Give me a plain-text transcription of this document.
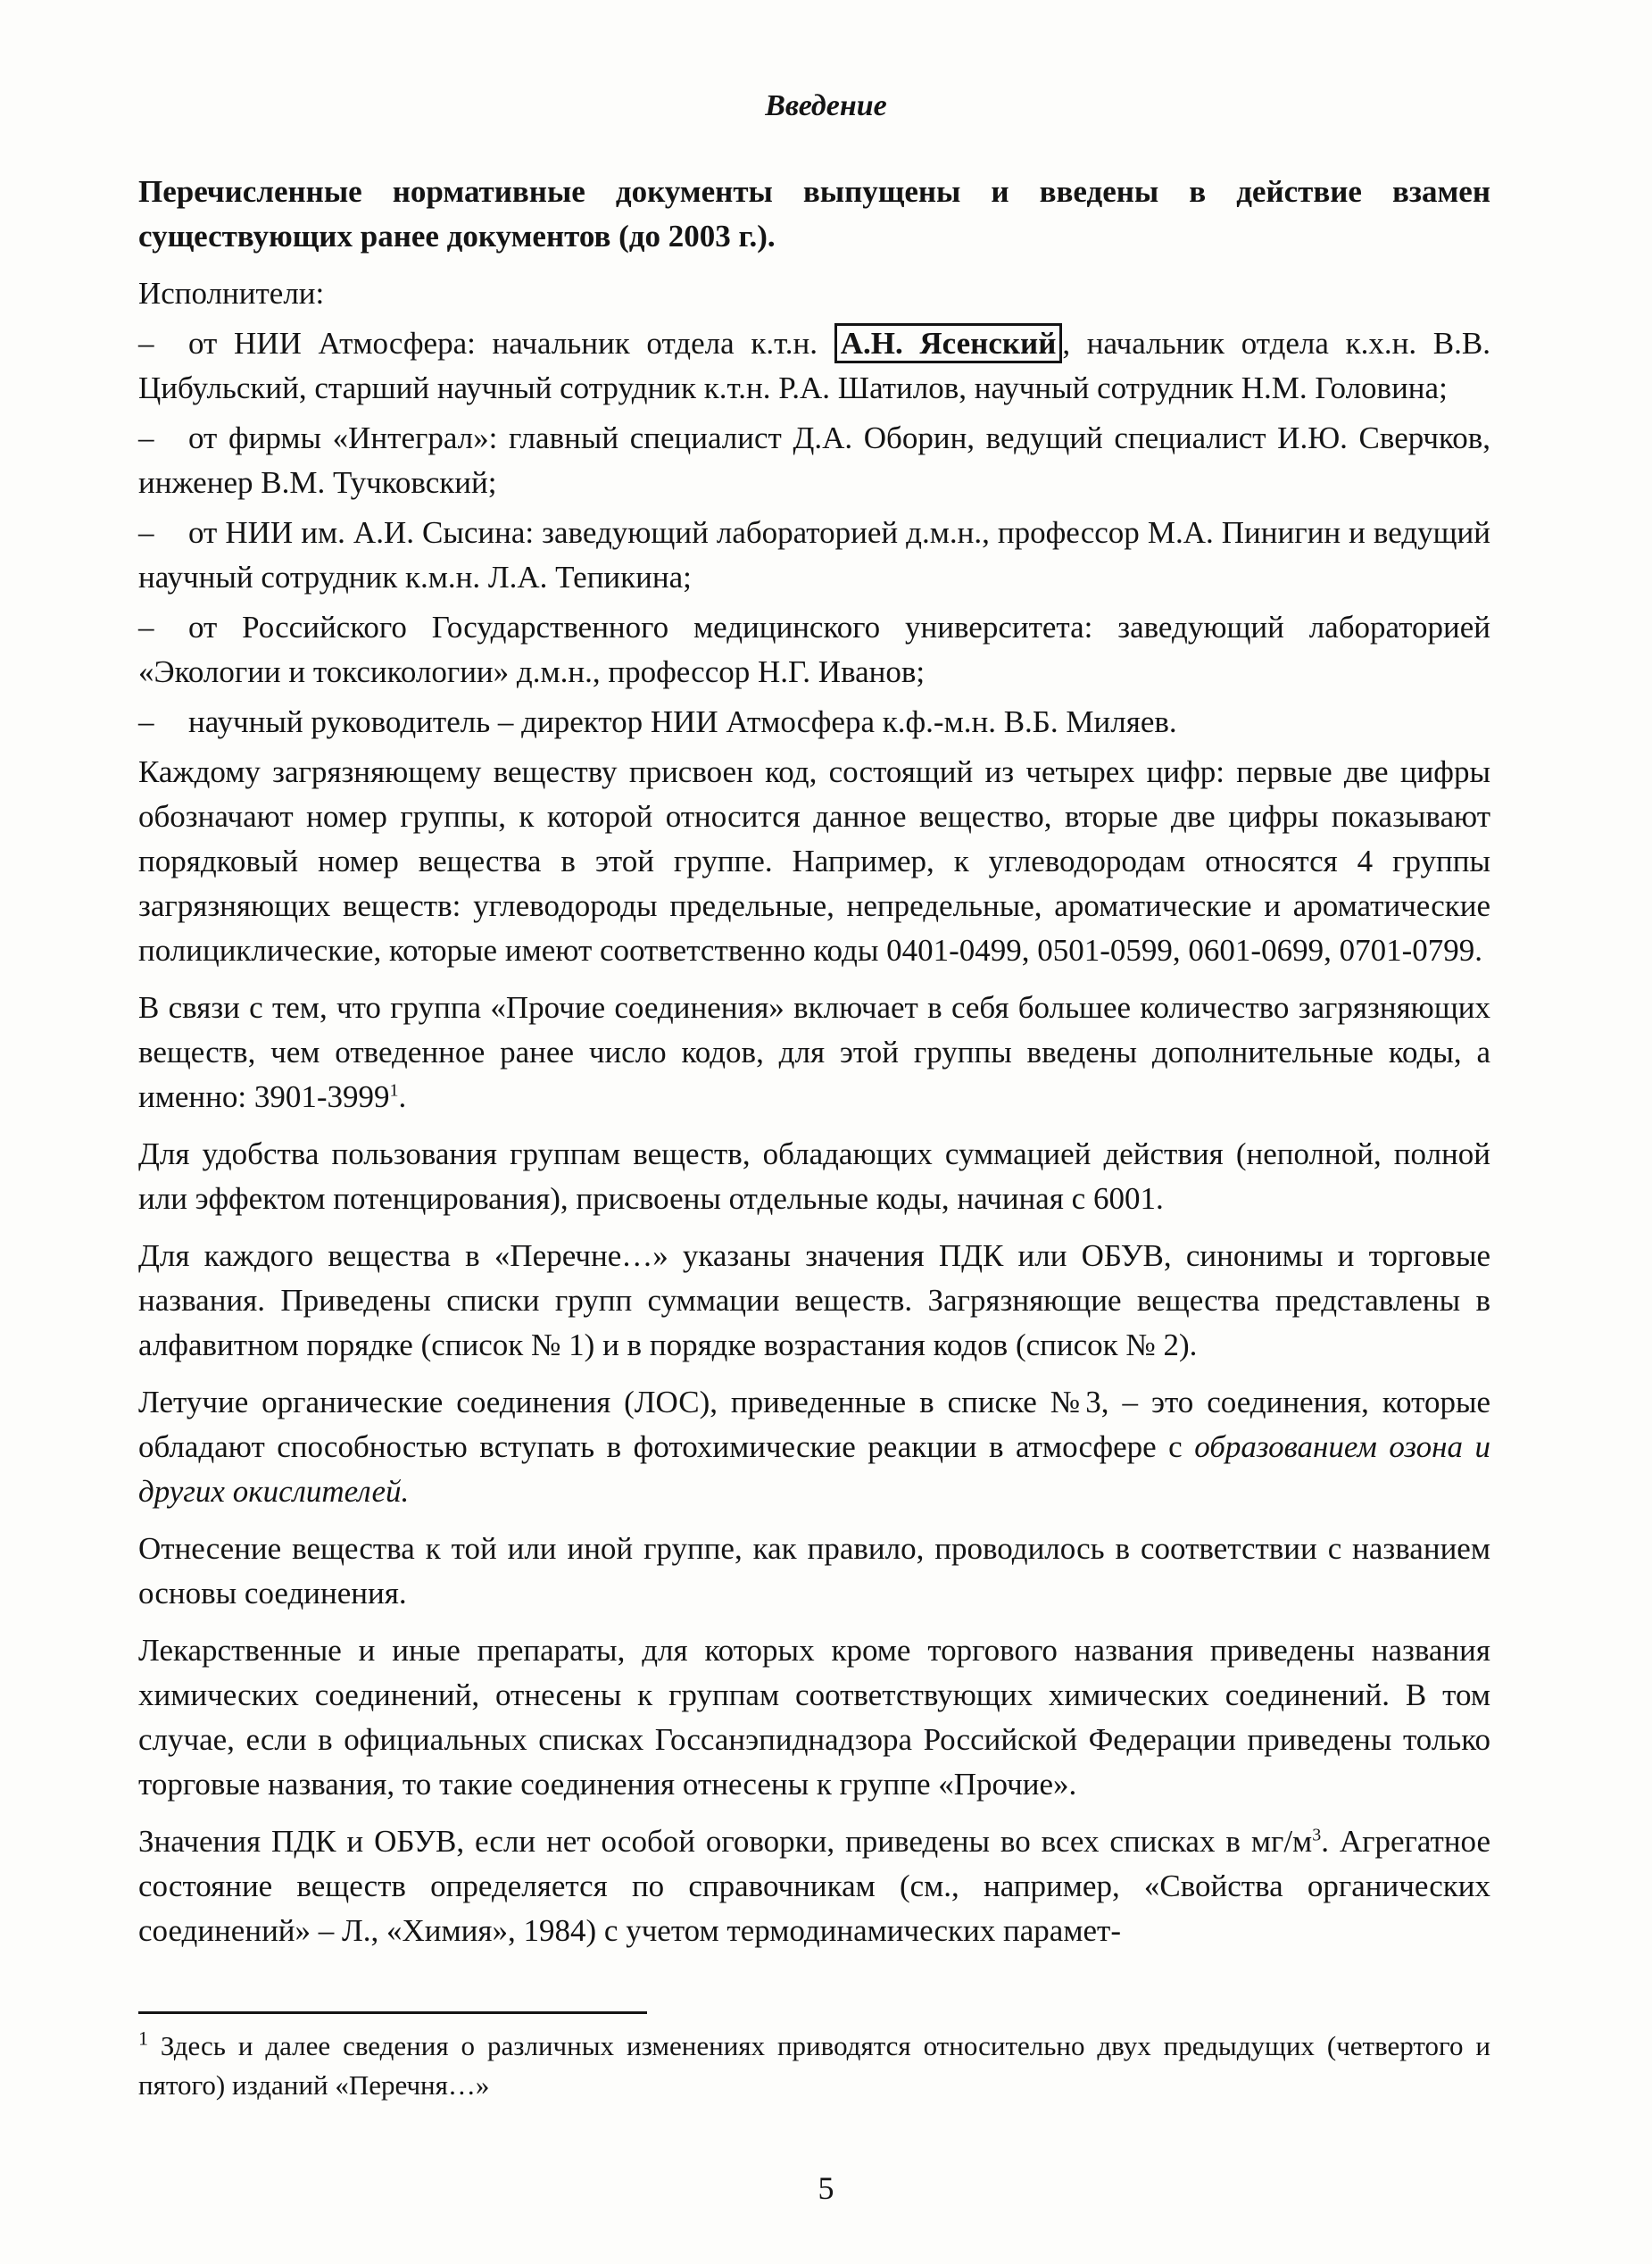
Введение

Перечисленные нормативные документы выпущены и введены в действие взамен существующих ранее документов (до 2003 г.).

Исполнители:

– от НИИ Атмосфера: начальник отдела к.т.н. А.Н. Ясенский , начальник отдела к.х.н. В.В. Цибульский, старший научный сотрудник к.т.н. Р.А. Шатилов, научный сотрудник Н.М. Головина;

– от фирмы «Интеграл»: главный специалист Д.А. Оборин, ведущий специалист И.Ю. Сверчков, инженер В.М. Тучковский;

– от НИИ им. А.И. Сысина: заведующий лабораторией д.м.н., профессор М.А. Пинигин и ведущий научный сотрудник к.м.н. Л.А. Тепикина;

– от Российского Государственного медицинского университета: заведующий лабораторией «Экологии и токсикологии» д.м.н., профессор Н.Г. Иванов;

– научный руководитель – директор НИИ Атмосфера к.ф.-м.н. В.Б. Миляев.

Каждому загрязняющему веществу присвоен код, состоящий из четырех цифр: первые две цифры обозначают номер группы, к которой относится данное вещество, вторые две цифры показывают порядковый номер вещества в этой группе. Например, к углеводородам относятся 4 группы загрязняющих веществ: углеводороды предельные, непредельные, ароматические и ароматические полициклические, которые имеют соответственно коды 0401-0499, 0501-0599, 0601-0699, 0701-0799.

В связи с тем, что группа «Прочие соединения» включает в себя большее количество загрязняющих веществ, чем отведенное ранее число кодов, для этой группы введены дополнительные коды, а именно: 3901-3999$^1$.

Для удобства пользования группам веществ, обладающих суммацией действия (неполной, полной или эффектом потенцирования), присвоены отдельные коды, начиная с 6001.

Для каждого вещества в «Перечне…» указаны значения ПДК или ОБУВ, синонимы и торговые названия. Приведены списки групп суммации веществ. Загрязняющие вещества представлены в алфавитном порядке (список № 1) и в порядке возрастания кодов (список № 2).

Летучие органические соединения (ЛОС), приведенные в списке №3, – это соединения, которые обладают способностью вступать в фотохимические реакции в атмосфере с образованием озона и других окислителей.

Отнесение вещества к той или иной группе, как правило, проводилось в соответствии с названием основы соединения.

Лекарственные и иные препараты, для которых кроме торгового названия приведены названия химических соединений, отнесены к группам соответствующих химических соединений. В том случае, если в официальных списках Госсанэпиднадзора Российской Федерации приведены только торговые названия, то такие соединения отнесены к группе «Прочие».

Значения ПДК и ОБУВ, если нет особой оговорки, приведены во всех списках в $мг/м^3$. Агрегатное состояние веществ определяется по справочникам (см., например, «Свойства органических соединений» – Л., «Химия», 1984) с учетом термодинамических парамет-

$^1$ Здесь и далее сведения о различных изменениях приводятся относительно двух предыдущих (четвертого и пятого) изданий «Перечня…»
5
